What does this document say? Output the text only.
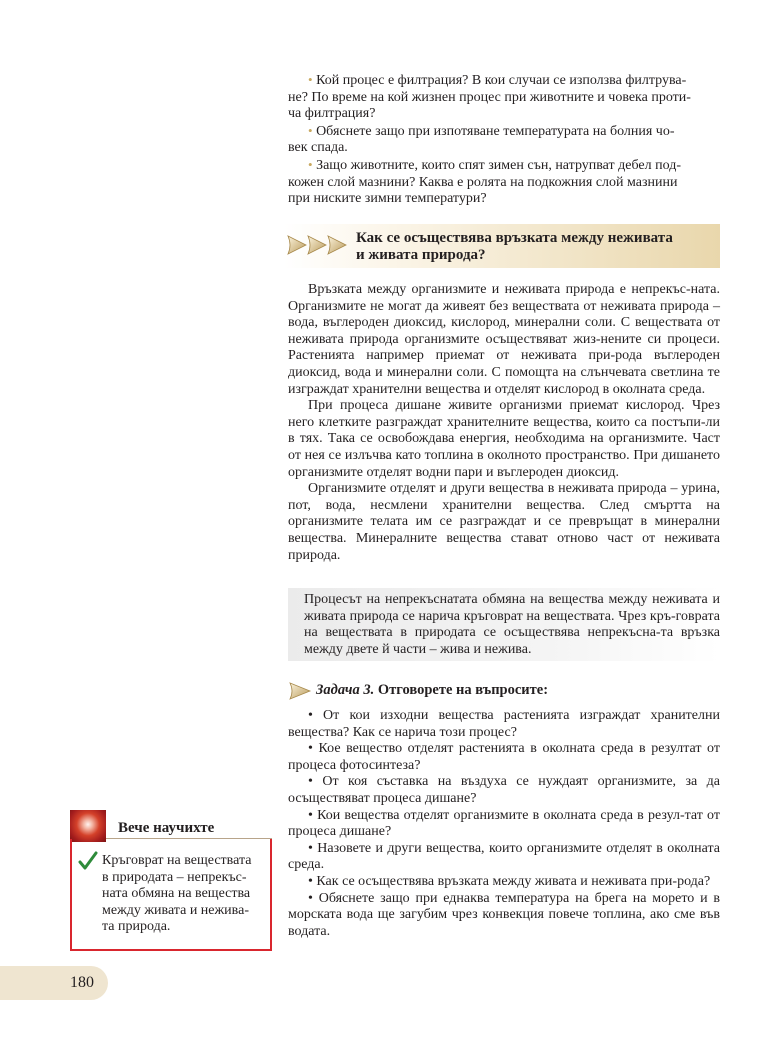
• Кой процес е филтрация? В кои случаи се използва филтрува-

не? По време на кой жизнен процес при животните и човека проти-

ча филтрация?

• Обяснете защо при изпотяване температурата на болния чо-

век спада.

• Защо животните, които спят зимен сън, натрупват дебел под-

кожен слой мазнини? Каква е ролята на подкожния слой мазнини

при ниските зимни температури?

Как се осъществява връзката между неживата
и живата природа?

Връзката между организмите и неживата природа е непрекъс-ната. Организмите не могат да живеят без веществата от неживата природа – вода, въглероден диоксид, кислород, минерални соли. С веществата от неживата природа организмите осъществяват жиз-нените си процеси. Растенията например приемат от неживата при-рода въглероден диоксид, вода и минерални соли. С помощта на слънчевата светлина те изграждат хранителни вещества и отделят кислород в околната среда.

При процеса дишане живите организми приемат кислород. Чрез него клетките разграждат хранителните вещества, които са постъпи-ли в тях. Така се освобождава енергия, необходима на организмите. Част от нея се излъчва като топлина в околното пространство. При дишането организмите отделят водни пари и въглероден диоксид.

Организмите отделят и други вещества в неживата природа – урина, пот, вода, несмлени хранителни вещества. След смъртта на организмите телата им се разграждат и се превръщат в минерални вещества. Минералните вещества стават отново част от неживата природа.

Процесът на непрекъснатата обмяна на вещества между неживата и живата природа се нарича кръговрат на веществата. Чрез кръ-говрата на веществата в природата се осъществява непрекъсна-та връзка между двете й части – жива и нежива.

Задача 3. Отговорете на въпросите:

• От кои изходни вещества растенията изграждат хранителни вещества? Как се нарича този процес?

• Кое вещество отделят растенията в околната среда в резултат от процеса фотосинтеза?

• От коя съставка на въздуха се нуждаят организмите, за да осъществяват процеса дишане?

• Кои вещества отделят организмите в околната среда в резул-тат от процеса дишане?

• Назовете и други вещества, които организмите отделят в околната среда.

• Как се осъществява връзката между живата и неживата при-рода?

• Обяснете защо при еднаква температура на брега на морето и в морската вода ще загубим чрез конвекция повече топлина, ако сме във водата.

Вече научихте
Кръговрат на веществата
в природата – непрекъс-
ната обмяна на вещества
между живата и нежива-
та природа.
180
